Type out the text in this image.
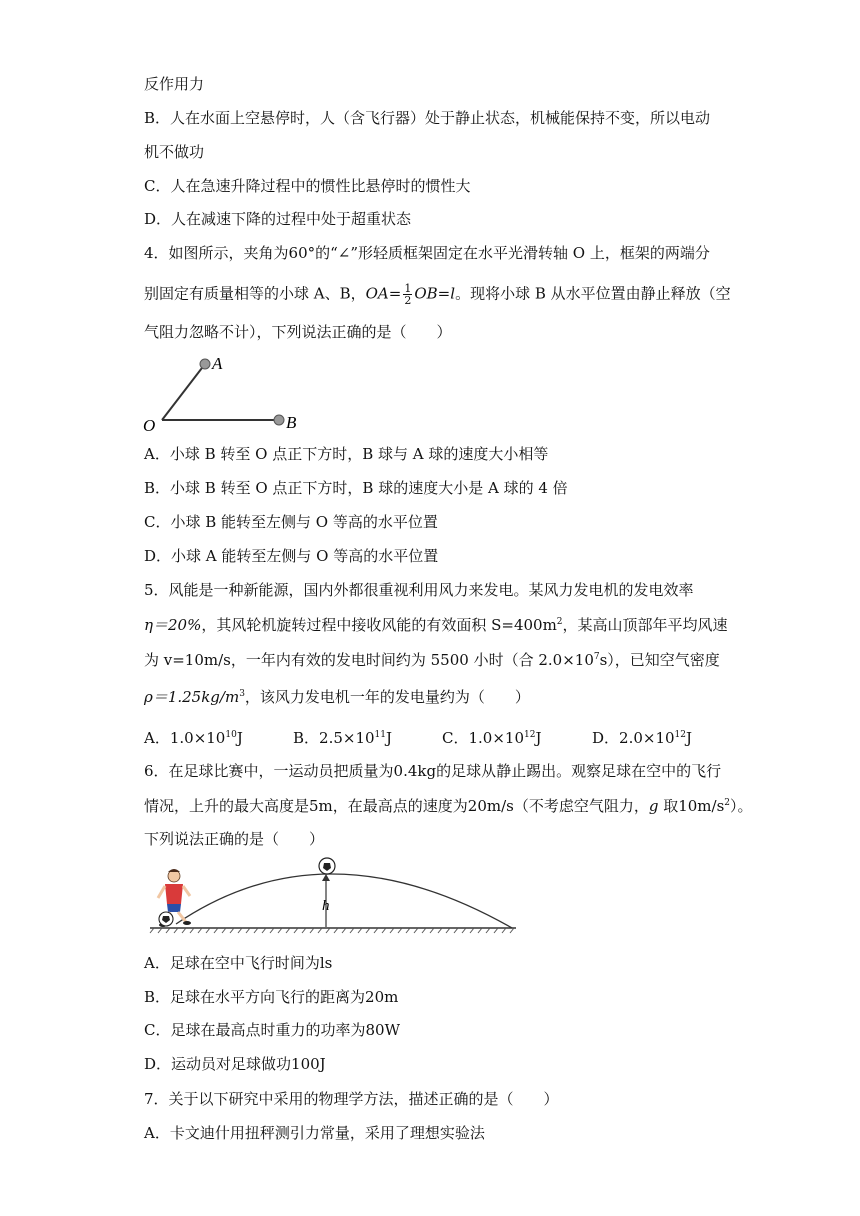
反作用力
B．人在水面上空悬停时，人（含飞行器）处于静止状态，机械能保持不变，所以电动
机不做功
C．人在急速升降过程中的惯性比悬停时的惯性大
D．人在减速下降的过程中处于超重状态
4．如图所示，夹角为60°的“∠”形轻质框架固定在水平光滑转轴 O 上，框架的两端分
别固定有质量相等的小球 A、B，$OA= \frac{1}{2} OB=l$。现将小球 B 从水平位置由静止释放（空
气阻力忽略不计），下列说法正确的是（　　）
A
B
O
A．小球 B 转至 O 点正下方时，B 球与 A 球的速度大小相等
B．小球 B 转至 O 点正下方时，B 球的速度大小是 A 球的 4 倍
C．小球 B 能转至左侧与 O 等高的水平位置
D．小球 A 能转至左侧与 O 等高的水平位置
5．风能是一种新能源，国内外都很重视利用风力来发电。某风力发电机的发电效率
η＝20%，其风轮机旋转过程中接收风能的有效面积 $S=400m^2$，某高山顶部年平均风速
为 v=10m/s，一年内有效的发电时间约为 5500 小时（合 $2.0\times 10^7s$），已知空气密度
$\rho=1.25kg/m^3$，该风力发电机一年的发电量约为（　　）
A．$1.0\times 10^{10}J$	B．$2.5\times 10^{11}J$	C．$1.0\times 10^{12}J$	D．$2.0\times 10^{12}J$
6．在足球比赛中，一运动员把质量为0.4kg的足球从静止踢出。观察足球在空中的飞行
情况，上升的最大高度是5m，在最高点的速度为20m/s（不考虑空气阻力，g 取$10m/s^2$）。
下列说法正确的是（　　）
h
A．足球在空中飞行时间为ls
B．足球在水平方向飞行的距离为20m
C．足球在最高点时重力的功率为80W
D．运动员对足球做功100J
7．关于以下研究中采用的物理学方法，描述正确的是（　　）
A．卡文迪什用扭秤测引力常量，采用了理想实验法
